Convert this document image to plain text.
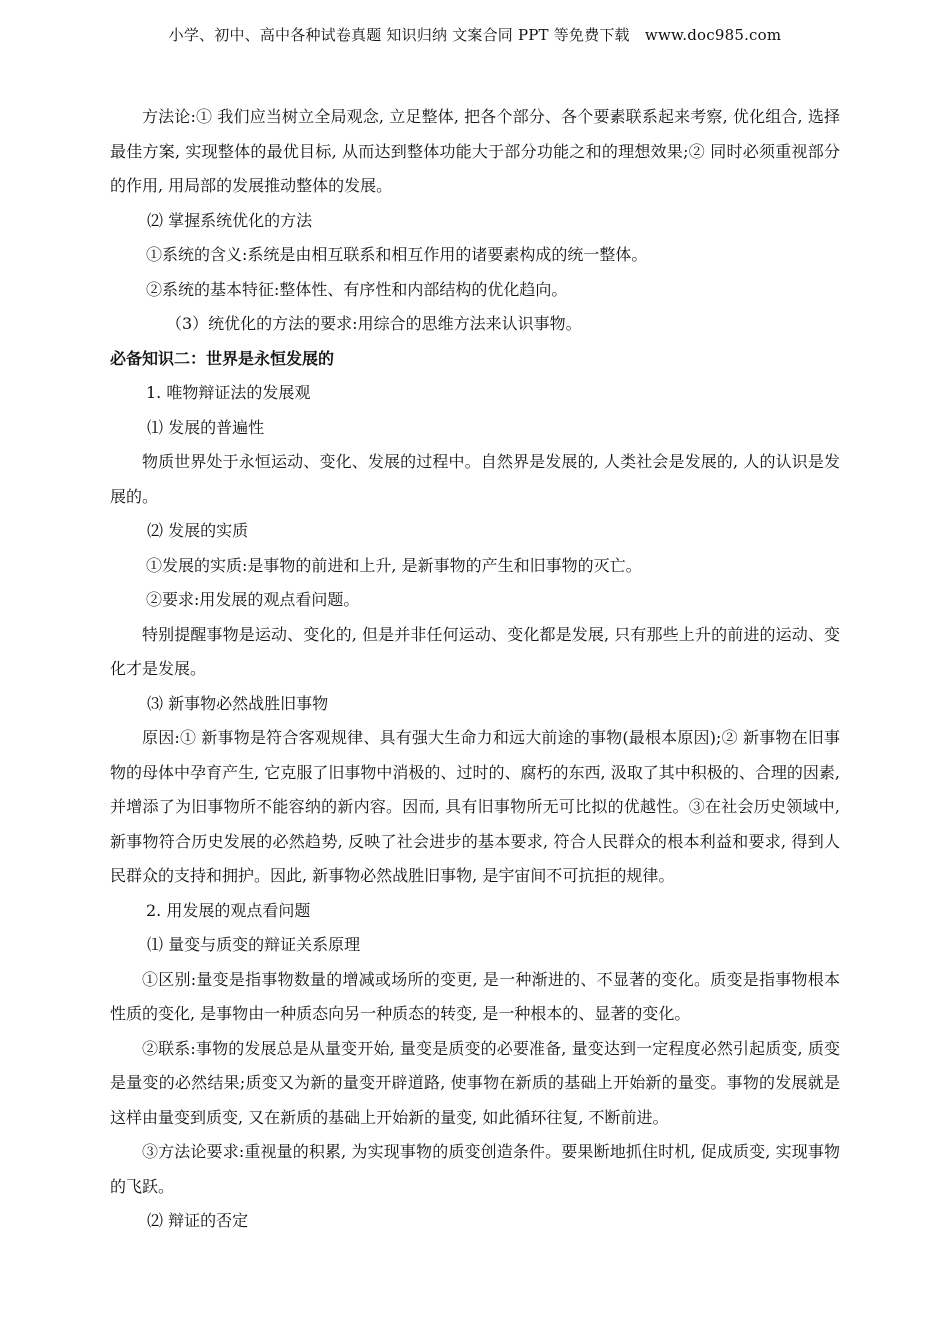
小学、初中、高中各种试卷真题 知识归纳 文案合同 PPT 等免费下载　www.doc985.com
方法论:① 我们应当树立全局观念, 立足整体, 把各个部分、各个要素联系起来考察, 优化组合, 选择最佳方案, 实现整体的最优目标, 从而达到整体功能大于部分功能之和的理想效果;② 同时必须重视部分的作用, 用局部的发展推动整体的发展。
⑵ 掌握系统优化的方法
①系统的含义:系统是由相互联系和相互作用的诸要素构成的统一整体。
②系统的基本特征:整体性、有序性和内部结构的优化趋向。
（3）统优化的方法的要求:用综合的思维方法来认识事物。
必备知识二：世界是永恒发展的
1. 唯物辩证法的发展观
⑴ 发展的普遍性
物质世界处于永恒运动、变化、发展的过程中。自然界是发展的, 人类社会是发展的, 人的认识是发展的。
⑵ 发展的实质
①发展的实质:是事物的前进和上升, 是新事物的产生和旧事物的灭亡。
②要求:用发展的观点看问题。
特别提醒事物是运动、变化的, 但是并非任何运动、变化都是发展, 只有那些上升的前进的运动、变化才是发展。
⑶ 新事物必然战胜旧事物
原因:① 新事物是符合客观规律、具有强大生命力和远大前途的事物(最根本原因);② 新事物在旧事物的母体中孕育产生, 它克服了旧事物中消极的、过时的、腐朽的东西, 汲取了其中积极的、合理的因素, 并增添了为旧事物所不能容纳的新内容。因而, 具有旧事物所无可比拟的优越性。③在社会历史领域中, 新事物符合历史发展的必然趋势, 反映了社会进步的基本要求, 符合人民群众的根本利益和要求, 得到人民群众的支持和拥护。因此, 新事物必然战胜旧事物, 是宇宙间不可抗拒的规律。
2. 用发展的观点看问题
⑴ 量变与质变的辩证关系原理
①区别:量变是指事物数量的增减或场所的变更, 是一种渐进的、不显著的变化。质变是指事物根本性质的变化, 是事物由一种质态向另一种质态的转变, 是一种根本的、显著的变化。
②联系:事物的发展总是从量变开始, 量变是质变的必要准备, 量变达到一定程度必然引起质变, 质变是量变的必然结果;质变又为新的量变开辟道路, 使事物在新质的基础上开始新的量变。事物的发展就是这样由量变到质变, 又在新质的基础上开始新的量变, 如此循环往复, 不断前进。
③方法论要求:重视量的积累, 为实现事物的质变创造条件。要果断地抓住时机, 促成质变, 实现事物的飞跃。
⑵ 辩证的否定
